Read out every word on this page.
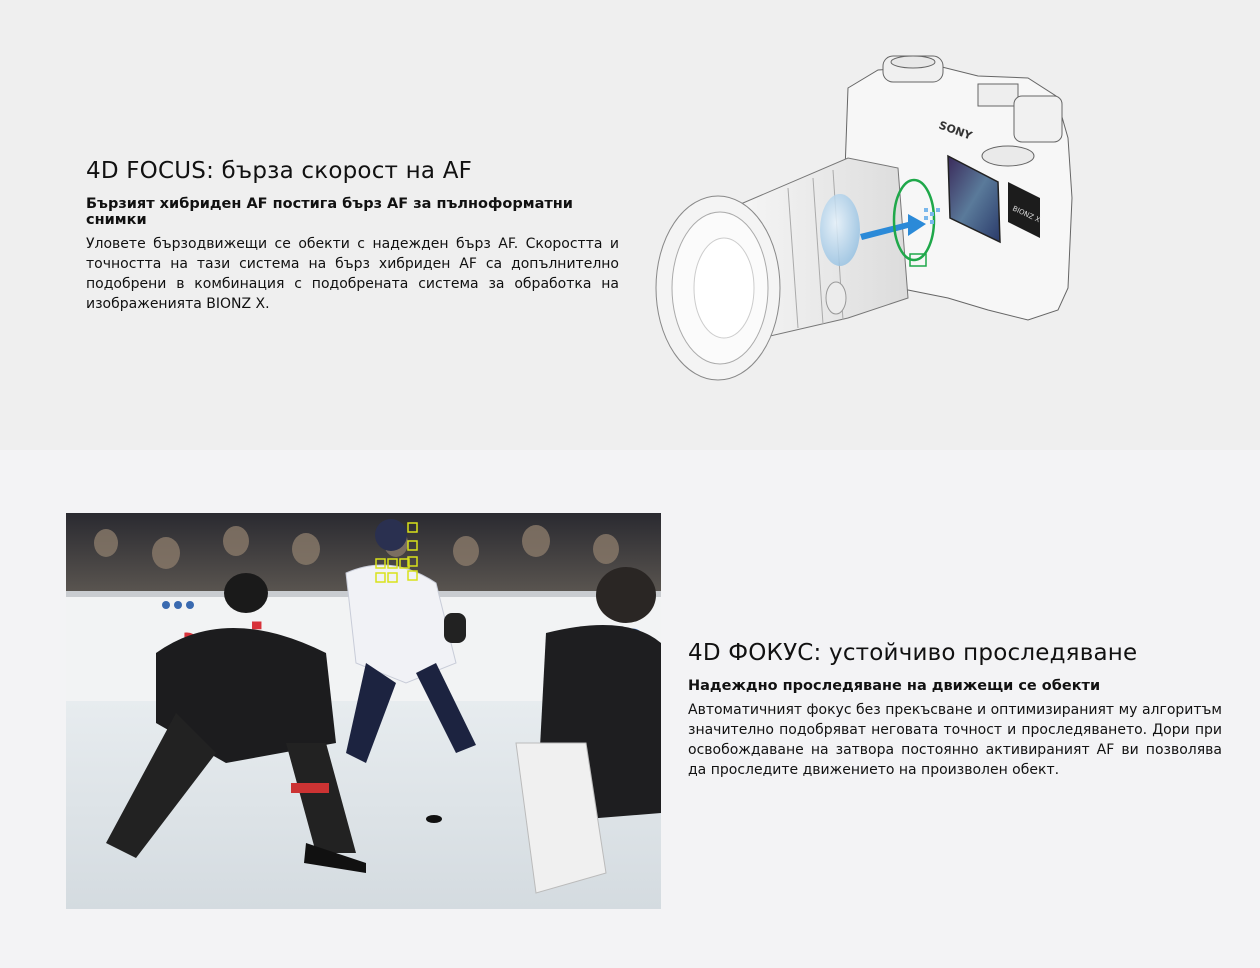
4D FOCUS: бърза скорост на AF
Бързият хибриден AF постига бърз AF за пълноформатни снимки

Уловете бързодвижещи се обекти с надежден бърз AF. Скоростта и точността на тази система на бърз хибриден AF са допълнително подобрени в комбинация с подобрената система за обработка на изображенията BIONZ X.

SONY
BIONZ X
4D ФОКУС: устойчиво проследяване
Надеждно проследяване на движещи се обекти

Автоматичният фокус без прекъсване и оптимизираният му алгоритъм значително подобряват неговата точност и проследяването. Дори при освобождаване на затвора постоянно активираният AF ви позволява да проследите движението на произволен обект.
